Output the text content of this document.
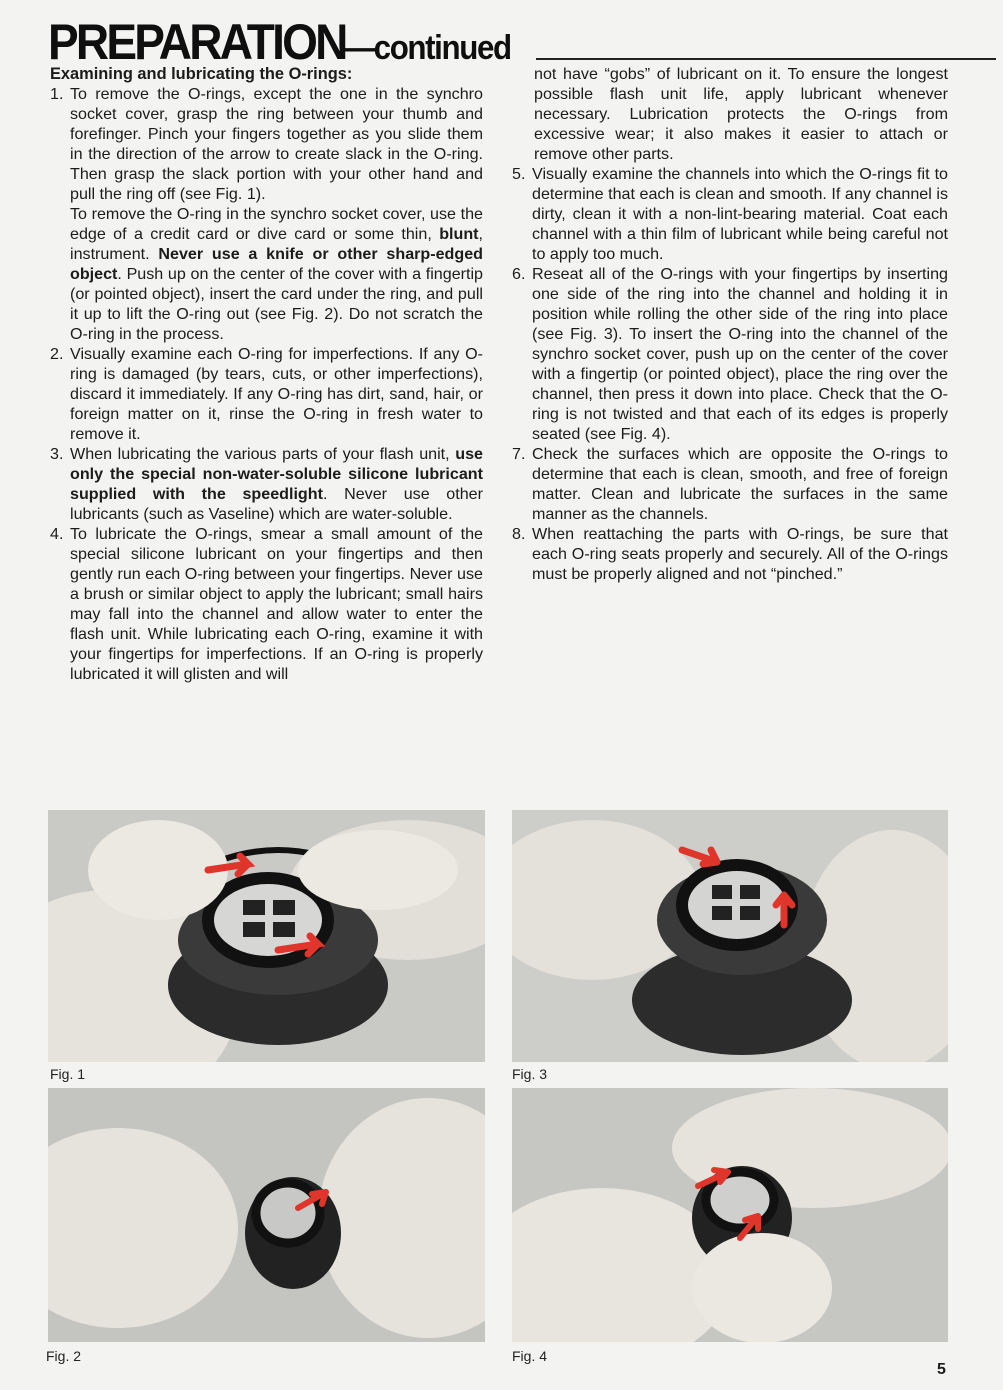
PREPARATION—continued

Examining and lubricating the O-rings:

1. To remove the O-rings, except the one in the synchro socket cover, grasp the ring between your thumb and forefinger. Pinch your fingers together as you slide them in the direction of the arrow to create slack in the O-ring. Then grasp the slack portion with your other hand and pull the ring off (see Fig. 1).

To remove the O-ring in the synchro socket cover, use the edge of a credit card or dive card or some thin, blunt, instrument. Never use a knife or other sharp-edged object. Push up on the center of the cover with a fingertip (or pointed object), insert the card under the ring, and pull it up to lift the O-ring out (see Fig. 2). Do not scratch the O-ring in the process.

2. Visually examine each O-ring for imperfections. If any O-ring is damaged (by tears, cuts, or other imperfections), discard it immediately. If any O-ring has dirt, sand, hair, or foreign matter on it, rinse the O-ring in fresh water to remove it.

3. When lubricating the various parts of your flash unit, use only the special non-water-soluble silicone lubricant supplied with the speedlight. Never use other lubricants (such as Vaseline) which are water-soluble.

4. To lubricate the O-rings, smear a small amount of the special silicone lubricant on your fingertips and then gently run each O-ring between your fingertips. Never use a brush or similar object to apply the lubricant; small hairs may fall into the channel and allow water to enter the flash unit. While lubricating each O-ring, examine it with your fingertips for imperfections. If an O-ring is properly lubricated it will glisten and will

not have “gobs” of lubricant on it. To ensure the longest possible flash unit life, apply lubricant whenever necessary. Lubrication protects the O-rings from excessive wear; it also makes it easier to attach or remove other parts.

5. Visually examine the channels into which the O-rings fit to determine that each is clean and smooth. If any channel is dirty, clean it with a non-lint-bearing material. Coat each channel with a thin film of lubricant while being careful not to apply too much.

6. Reseat all of the O-rings with your fingertips by inserting one side of the ring into the channel and holding it in position while rolling the other side of the ring into place (see Fig. 3). To insert the O-ring into the channel of the synchro socket cover, push up on the center of the cover with a fingertip (or pointed object), place the ring over the channel, then press it down into place. Check that the O-ring is not twisted and that each of its edges is properly seated (see Fig. 4).

7. Check the surfaces which are opposite the O-rings to determine that each is clean, smooth, and free of foreign matter. Clean and lubricate the surfaces in the same manner as the channels.

8. When reattaching the parts with O-rings, be sure that each O-ring seats properly and securely. All of the O-rings must be properly aligned and not “pinched.”

Fig. 1	Fig. 3
Fig. 2	Fig. 4
5
